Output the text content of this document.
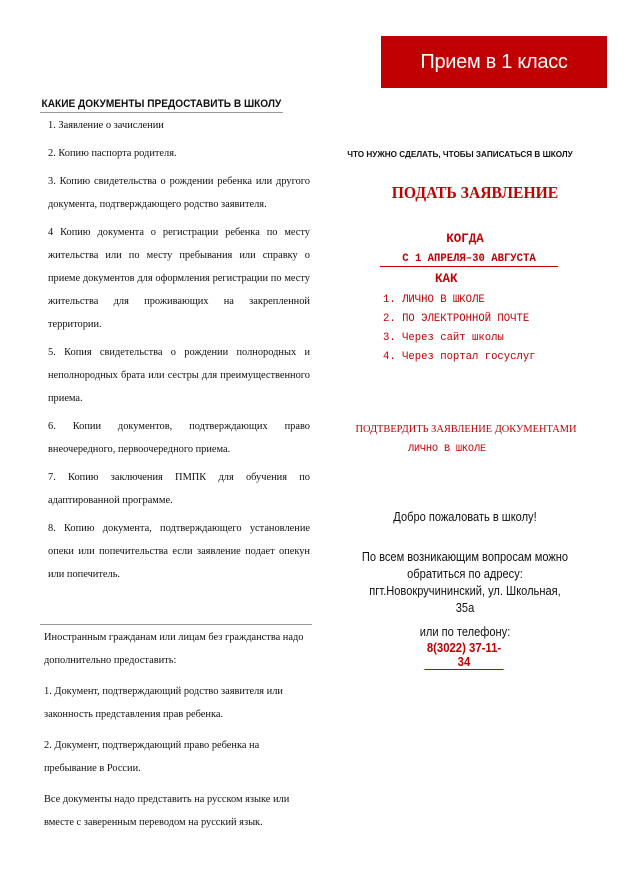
Прием в 1 класс
КАКИЕ ДОКУМЕНТЫ ПРЕДОСТАВИТЬ В ШКОЛУ

1. Заявление о зачислении

2. Копию паспорта родителя.

3. Копию свидетельства о рождении ребенка или другого документа, подтверждающего родство заявителя.

4 Копию документа о регистрации ребенка по месту жительства или по месту пребывания или справку о приеме документов для оформления регистрации по месту жительства для проживающих на закрепленной территории.

5. Копия свидетельства о рождении полнородных и неполнородных брата или сестры для преимущественного приема.

6. Копии документов, подтверждающих право внеочередного, первоочередного приема.

7. Копию заключения ПМПК для обучения по адаптированной программе.

8. Копию документа, подтверждающего установление опеки или попечительства если заявление подает опекун или попечитель.

Иностранным гражданам или лицам без гражданства надо дополнительно предоставить:

1. Документ, подтверждающий родство заявителя или законность представления прав ребенка.

2. Документ, подтверждающий право ребенка на пребывание в России.

Все документы надо представить на русском языке или вместе с заверенным переводом на русский язык.

ЧТО НУЖНО СДЕЛАТЬ, ЧТОБЫ ЗАПИСАТЬСЯ В ШКОЛУ
ПОДАТЬ ЗАЯВЛЕНИЕ
КОГДА
С 1 АПРЕЛЯ–30 АВГУСТА
КАК
1. ЛИЧНО В ШКОЛЕ
2. ПО ЭЛЕКТРОННОЙ ПОЧТЕ
3. Через сайт школы
4. Через портал госуслуг
ПОДТВЕРДИТЬ ЗАЯВЛЕНИЕ ДОКУМЕНТАМИ
ЛИЧНО В ШКОЛЕ
Добро пожаловать в школу!
По всем возникающим вопросам можно обратиться по адресу: пгт.Новокручининский, ул. Школьная, 35а
или по телефону:
8(3022) 37-11-34
